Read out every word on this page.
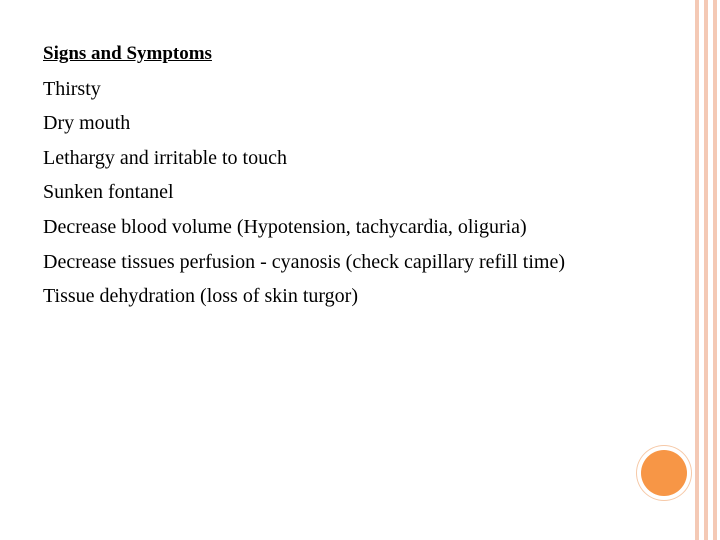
Signs and Symptoms
Thirsty
Dry mouth
Lethargy and irritable to touch
Sunken fontanel
Decrease blood volume (Hypotension, tachycardia, oliguria)
Decrease tissues perfusion - cyanosis (check capillary refill time)
Tissue dehydration (loss of skin turgor)
